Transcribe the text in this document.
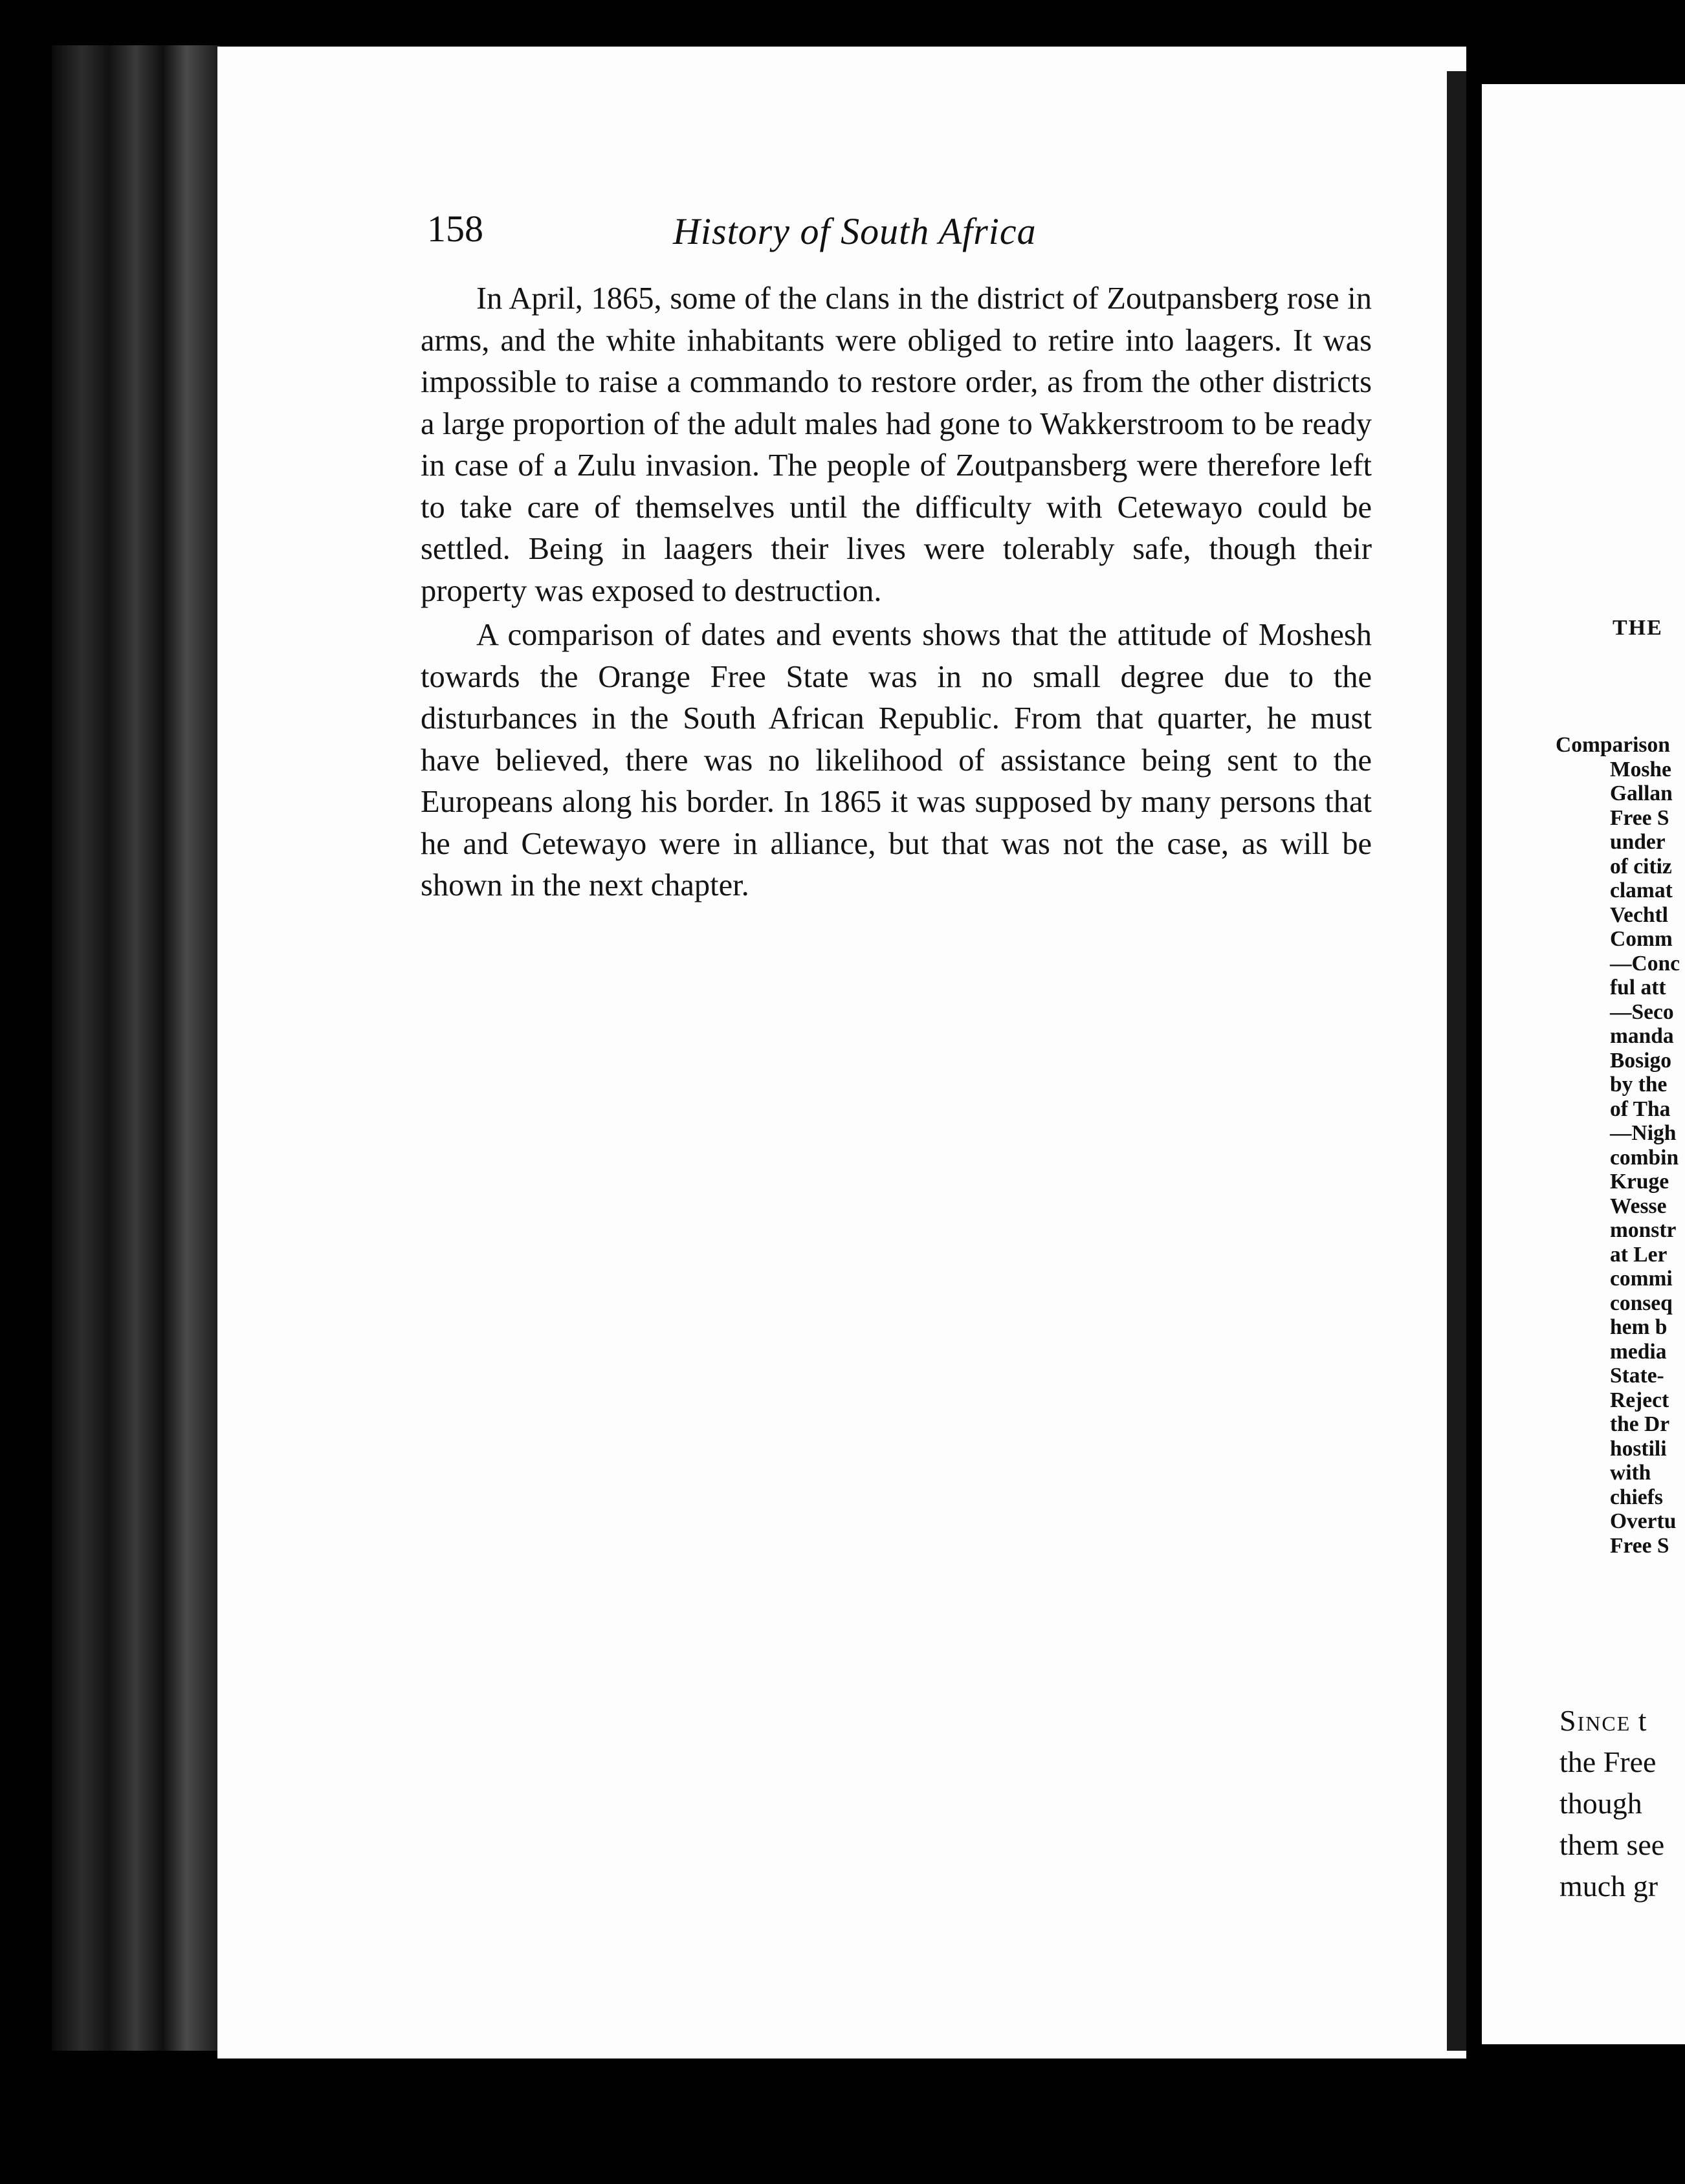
158	History of South Africa

In April, 1865, some of the clans in the district of Zoutpansberg rose in arms, and the white inhabitants were obliged to retire into laagers. It was impossible to raise a commando to restore order, as from the other districts a large proportion of the adult males had gone to Wakkerstroom to be ready in case of a Zulu invasion. The people of Zoutpansberg were therefore left to take care of themselves until the difficulty with Cetewayo could be settled. Being in laagers their lives were tolerably safe, though their property was exposed to destruction.

A comparison of dates and events shows that the attitude of Moshesh towards the Orange Free State was in no small degree due to the disturbances in the South African Republic. From that quarter, he must have believed, there was no likelihood of assistance being sent to the Europeans along his border. In 1865 it was supposed by many persons that he and Cetewayo were in alliance, but that was not the case, as will be shown in the next chapter.

THE
Comparison
Moshe
Gallan
Free S
under
of citiz
clamat
Vechtl
Comm
—Conc
ful att
—Seco
manda
Bosigo
by the
of Tha
—Nigh
combin
Kruge
Wesse
monstr
at Ler
commi
conseq
hem b
media
State-
Reject
the Dr
hostili
with
chiefs
Overtu
Free S
Since t
the Free
though
them see
much gr
